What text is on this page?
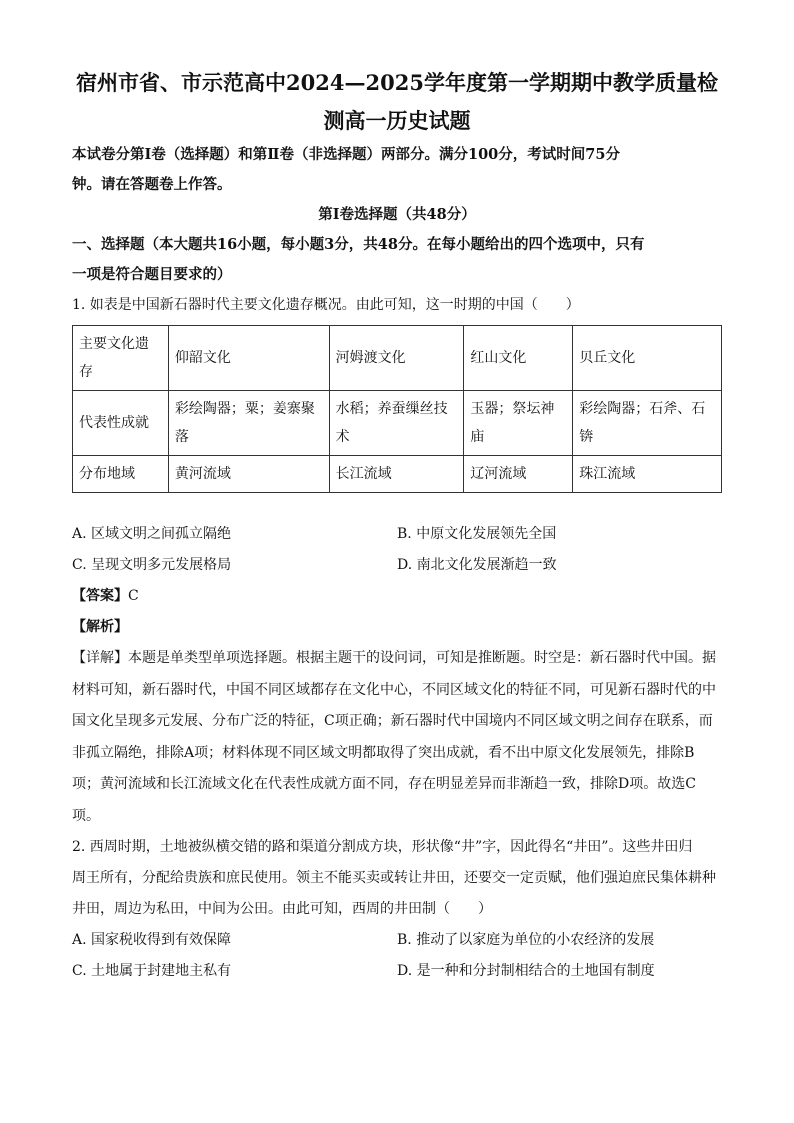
宿州市省、市示范高中2024—2025学年度第一学期期中教学质量检

测高一历史试题

本试卷分第Ⅰ卷（选择题）和第Ⅱ卷（非选择题）两部分。满分100分，考试时间75分

钟。请在答题卷上作答。

第Ⅰ卷选择题（共48分）

一、选择题（本大题共16小题，每小题3分，共48分。在每小题给出的四个选项中，只有

一项是符合题目要求的）

1. 如表是中国新石器时代主要文化遗存概况。由此可知，这一时期的中国（　　）

主要文化遗存	仰韶文化	河姆渡文化	红山文化	贝丘文化
代表性成就	彩绘陶器；粟；姜寨聚落	水稻；养蚕缫丝技术	玉器；祭坛神庙	彩绘陶器；石斧、石锛
分布地域	黄河流域	长江流域	辽河流域	珠江流域
A. 区域文明之间孤立隔绝	B. 中原文化发展领先全国
C. 呈现文明多元发展格局	D. 南北文化发展渐趋一致

【答案】C

【解析】

【详解】本题是单类型单项选择题。根据主题干的设问词，可知是推断题。时空是：新石器时代中国。据

材料可知，新石器时代，中国不同区域都存在文化中心，不同区域文化的特征不同，可见新石器时代的中

国文化呈现多元发展、分布广泛的特征，C项正确；新石器时代中国境内不同区域文明之间存在联系，而

非孤立隔绝，排除A项；材料体现不同区域文明都取得了突出成就，看不出中原文化发展领先，排除B

项；黄河流域和长江流域文化在代表性成就方面不同，存在明显差异而非渐趋一致，排除D项。故选C

项。

2. 西周时期，土地被纵横交错的路和渠道分割成方块，形状像“井”字，因此得名“井田”。这些井田归

周王所有，分配给贵族和庶民使用。领主不能买卖或转让井田，还要交一定贡赋，他们强迫庶民集体耕种

井田，周边为私田，中间为公田。由此可知，西周的井田制（　　）

A. 国家税收得到有效保障	B. 推动了以家庭为单位的小农经济的发展
C. 土地属于封建地主私有	D. 是一种和分封制相结合的土地国有制度
